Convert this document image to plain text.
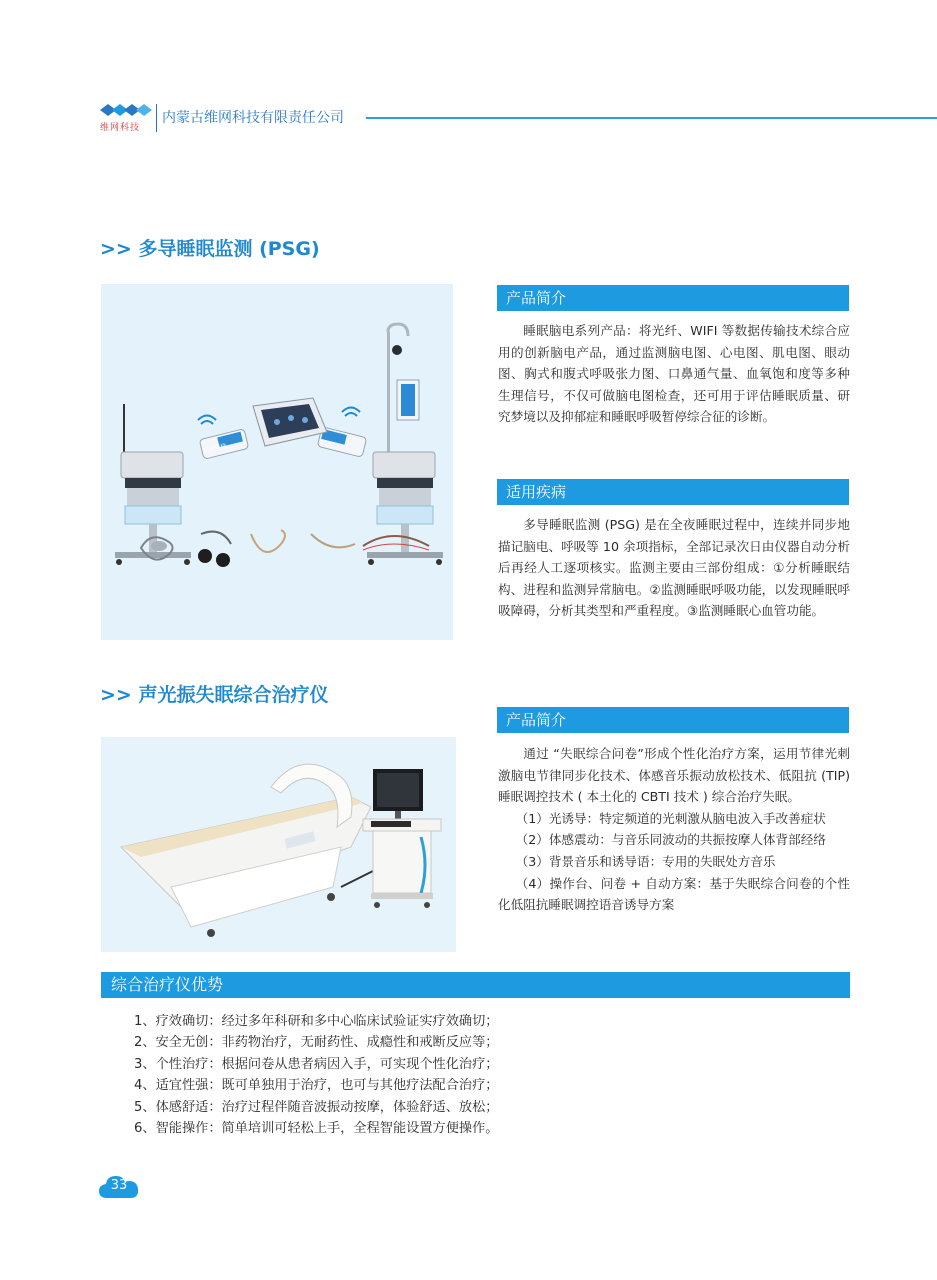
维网科技
内蒙古维网科技有限责任公司
>> 多导睡眠监测 (PSG)
光纤传输
产品简介

睡眠脑电系列产品：将光纤、WIFI 等数据传输技术综合应用的创新脑电产品，通过监测脑电图、心电图、肌电图、眼动图、胸式和腹式呼吸张力图、口鼻通气量、血氧饱和度等多种生理信号，不仅可做脑电图检查，还可用于评估睡眠质量、研究梦境以及抑郁症和睡眠呼吸暂停综合征的诊断。

适用疾病

多导睡眠监测 (PSG) 是在全夜睡眠过程中，连续并同步地描记脑电、呼吸等 10 余项指标，全部记录次日由仪器自动分析后再经人工逐项核实。监测主要由三部份组成：①分析睡眠结构、进程和监测异常脑电。②监测睡眠呼吸功能，以发现睡眠呼吸障碍，分析其类型和严重程度。③监测睡眠心血管功能。

>> 声光振失眠综合治疗仪
产品简介

通过 “失眠综合问卷”形成个性化治疗方案，运用节律光刺激脑电节律同步化技术、体感音乐振动放松技术、低阻抗 (TIP) 睡眠调控技术 ( 本土化的 CBTI 技术 ) 综合治疗失眠。

（1）光诱导：特定频道的光刺激从脑电波入手改善症状

（2）体感震动：与音乐同波动的共振按摩人体背部经络

（3）背景音乐和诱导语：专用的失眠处方音乐

（4）操作台、问卷 + 自动方案：基于失眠综合问卷的个性化低阻抗睡眠调控语音诱导方案

综合治疗仪优势
1、疗效确切：经过多年科研和多中心临床试验证实疗效确切；
2、安全无创：非药物治疗，无耐药性、成瘾性和戒断反应等；
3、个性治疗：根据问卷从患者病因入手，可实现个性化治疗；
4、适宜性强：既可单独用于治疗，也可与其他疗法配合治疗；
5、体感舒适：治疗过程伴随音波振动按摩，体验舒适、放松；
6、智能操作：简单培训可轻松上手，全程智能设置方便操作。
33
